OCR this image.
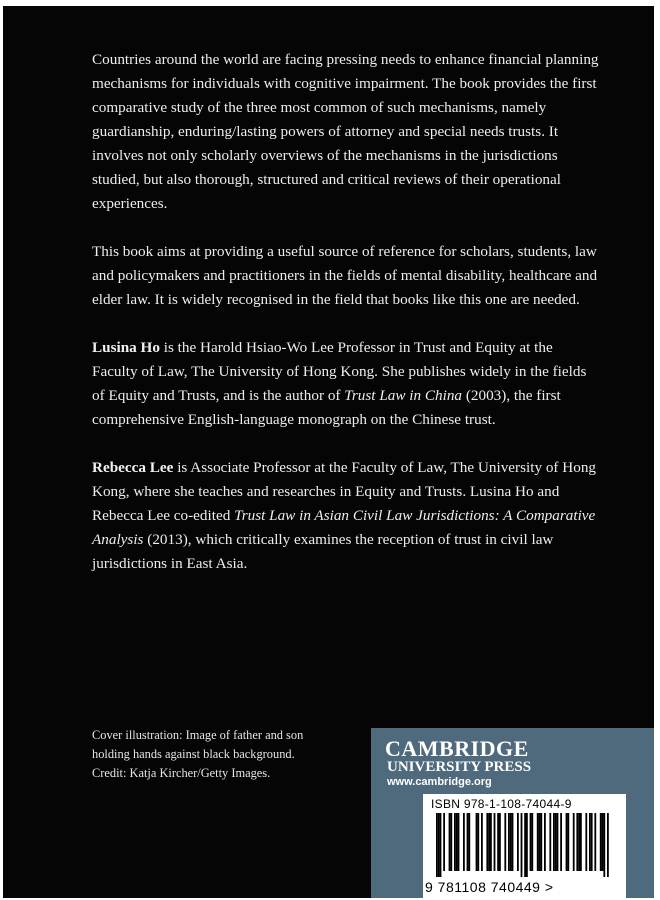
Countries around the world are facing pressing needs to enhance financial planning mechanisms for individuals with cognitive impairment. The book provides the first comparative study of the three most common of such mechanisms, namely guardianship, enduring/lasting powers of attorney and special needs trusts. It involves not only scholarly overviews of the mechanisms in the jurisdictions studied, but also thorough, structured and critical reviews of their operational experiences.

This book aims at providing a useful source of reference for scholars, students, law and policymakers and practitioners in the fields of mental disability, healthcare and elder law. It is widely recognised in the field that books like this one are needed.

Lusina Ho is the Harold Hsiao-Wo Lee Professor in Trust and Equity at the Faculty of Law, The University of Hong Kong. She publishes widely in the fields of Equity and Trusts, and is the author of Trust Law in China (2003), the first comprehensive English-language monograph on the Chinese trust.

Rebecca Lee is Associate Professor at the Faculty of Law, The University of Hong Kong, where she teaches and researches in Equity and Trusts. Lusina Ho and Rebecca Lee co-edited Trust Law in Asian Civil Law Jurisdictions: A Comparative Analysis (2013), which critically examines the reception of trust in civil law jurisdictions in East Asia.

Cover illustration: Image of father and son
holding hands against black background.
Credit: Katja Kircher/Getty Images.
CAMBRIDGE
UNIVERSITY PRESS
www.cambridge.org
ISBN 978-1-108-74044-9
9 781108 740449 >
